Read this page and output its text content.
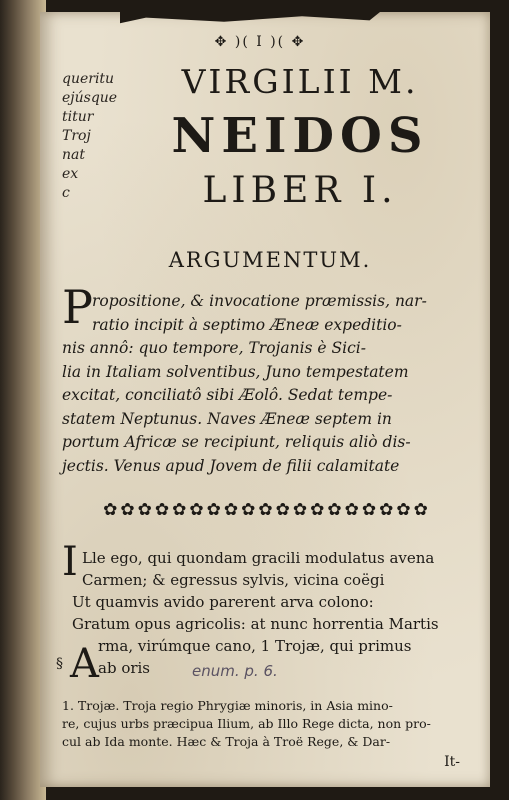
✥ )( I )( ✥
queritu
ejúsque
titur
Troj
nat
ex
c
VIRGILII M.
NEIDOS
LIBER I.
ARGUMENTUM.
P ropositione, & invocatione præmissis, nar-
ratio incipit à septimo Æneæ expeditio-
nis annô: quo tempore, Trojanis è Sici-
lia in Italiam solventibus, Juno tempestatem
excitat, conciliatô sibi Æolô. Sedat tempe-
statem Neptunus. Naves Æneæ septem in
portum Africæ se recipiunt, reliquis aliò dis-
jectis. Venus apud Jovem de filii calamitate
✿✿✿✿✿✿✿✿✿✿✿✿✿✿✿✿✿✿✿
I Lle ego, qui quondam gracili modulatus avena
Carmen; & egressus sylvis, vicina coëgi
Ut quamvis avido parerent arva colono:
Gratum opus agricolis: at nunc horrentia Martis
rma, virúmque cano, 1 Trojæ, qui primus
ab oris
§ A	enum. p. 6.
1. Trojæ. Troja regio Phrygiæ minoris, in Asia mino-
re, cujus urbs præcipua Ilium, ab Illo Rege dicta, non pro-
cul ab Ida monte. Hæc & Troja à Troë Rege, & Dar-
It-
